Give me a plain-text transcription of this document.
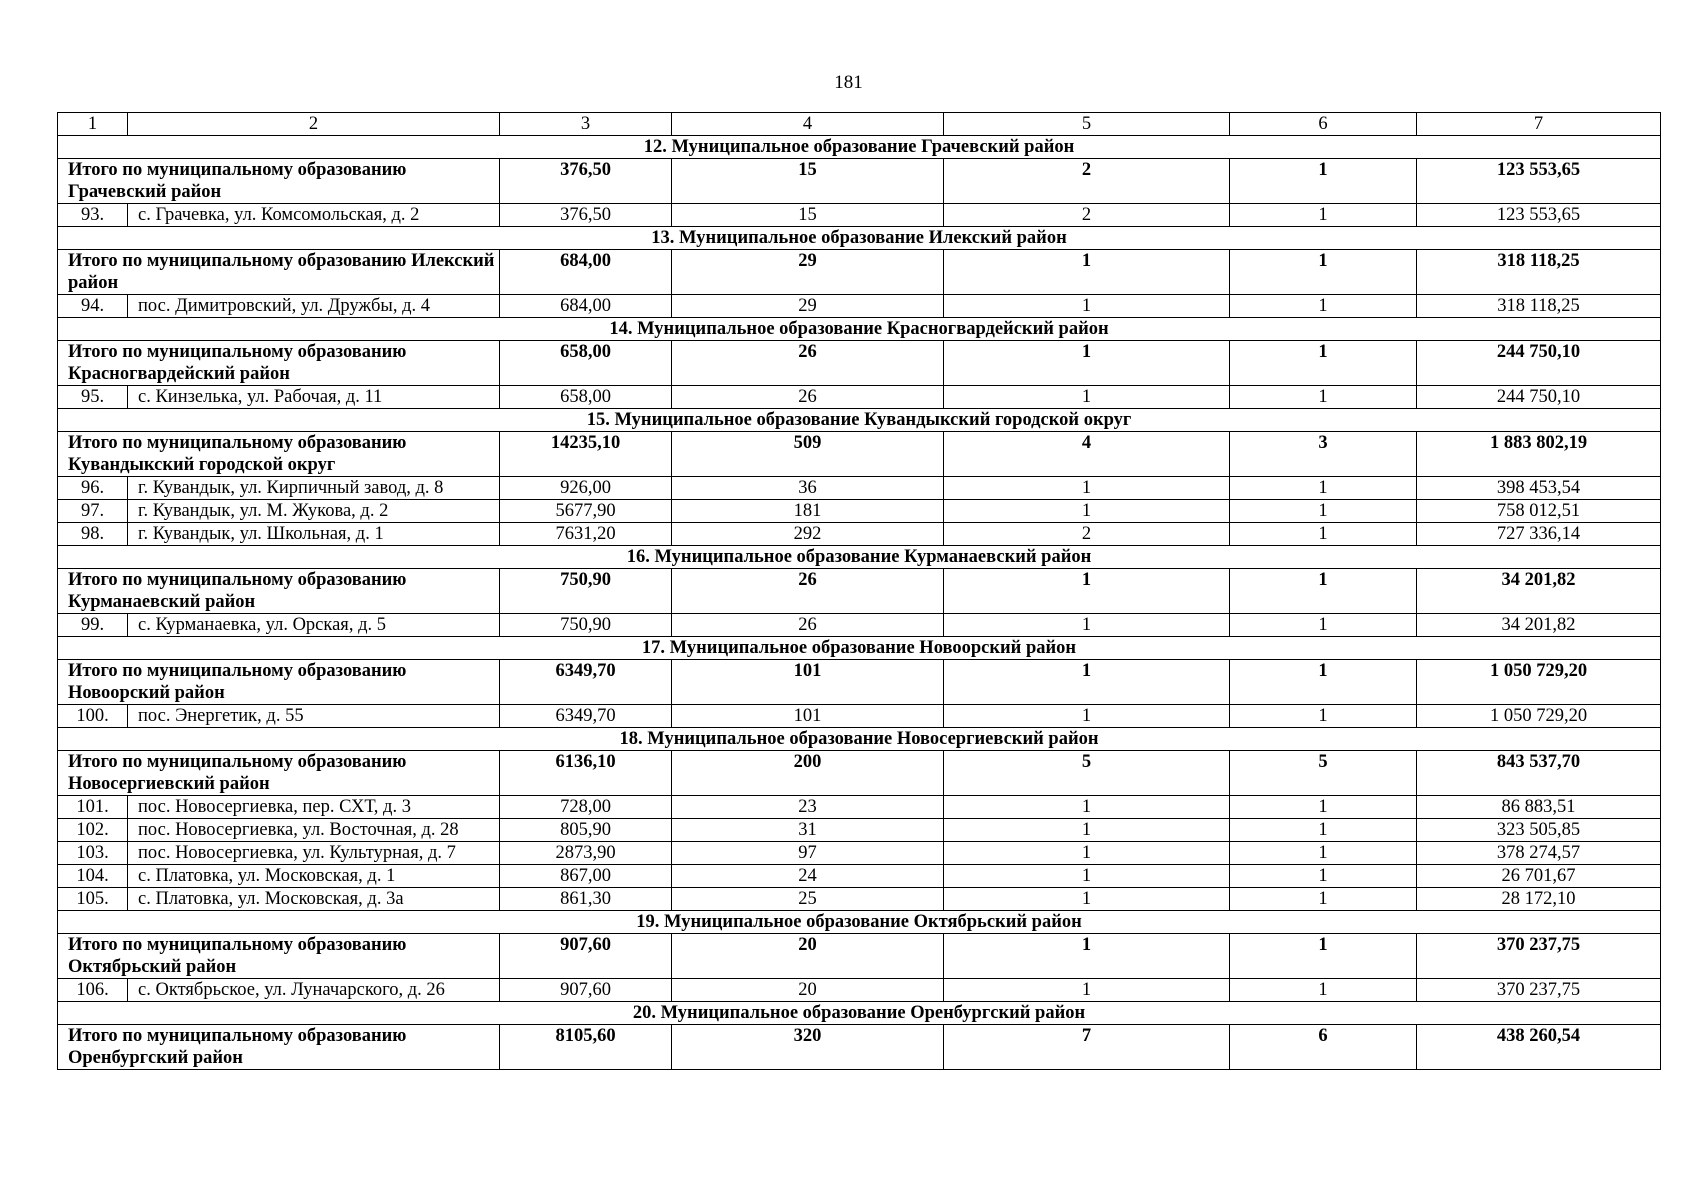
181
1	2	3	4	5	6	7
12. Муниципальное образование Грачевский район						
Итого по муниципальному образованию Грачевский район		376,50	15	2	1	123 553,65
93.	с. Грачевка, ул. Комсомольская, д. 2	376,50	15	2	1	123 553,65
13. Муниципальное образование Илекский район						
Итого по муниципальному образованию Илекский район		684,00	29	1	1	318 118,25
94.	пос. Димитровский, ул. Дружбы, д. 4	684,00	29	1	1	318 118,25
14. Муниципальное образование Красногвардейский район						
Итого по муниципальному образованию Красногвардейский район		658,00	26	1	1	244 750,10
95.	с. Кинзелька, ул. Рабочая, д. 11	658,00	26	1	1	244 750,10
15. Муниципальное образование Кувандыкский городской округ						
Итого по муниципальному образованию Кувандыкский городской округ		14235,10	509	4	3	1 883 802,19
96.	г. Кувандык, ул. Кирпичный завод, д. 8	926,00	36	1	1	398 453,54
97.	г. Кувандык, ул. М. Жукова, д. 2	5677,90	181	1	1	758 012,51
98.	г. Кувандык, ул. Школьная, д. 1	7631,20	292	2	1	727 336,14
16. Муниципальное образование Курманаевский район						
Итого по муниципальному образованию Курманаевский район		750,90	26	1	1	34 201,82
99.	с. Курманаевка, ул. Орская, д. 5	750,90	26	1	1	34 201,82
17. Муниципальное образование Новоорский район						
Итого по муниципальному образованию Новоорский район		6349,70	101	1	1	1 050 729,20
100.	пос. Энергетик, д. 55	6349,70	101	1	1	1 050 729,20
18. Муниципальное образование Новосергиевский район						
Итого по муниципальному образованию Новосергиевский район		6136,10	200	5	5	843 537,70
101.	пос. Новосергиевка, пер. СХТ, д. 3	728,00	23	1	1	86 883,51
102.	пос. Новосергиевка, ул. Восточная, д. 28	805,90	31	1	1	323 505,85
103.	пос. Новосергиевка, ул. Культурная, д. 7	2873,90	97	1	1	378 274,57
104.	с. Платовка, ул. Московская, д. 1	867,00	24	1	1	26 701,67
105.	с. Платовка, ул. Московская, д. 3а	861,30	25	1	1	28 172,10
19. Муниципальное образование Октябрьский район						
Итого по муниципальному образованию Октябрьский район		907,60	20	1	1	370 237,75
106.	с. Октябрьское, ул. Луначарского, д. 26	907,60	20	1	1	370 237,75
20. Муниципальное образование Оренбургский район						
Итого по муниципальному образованию Оренбургский район		8105,60	320	7	6	438 260,54
